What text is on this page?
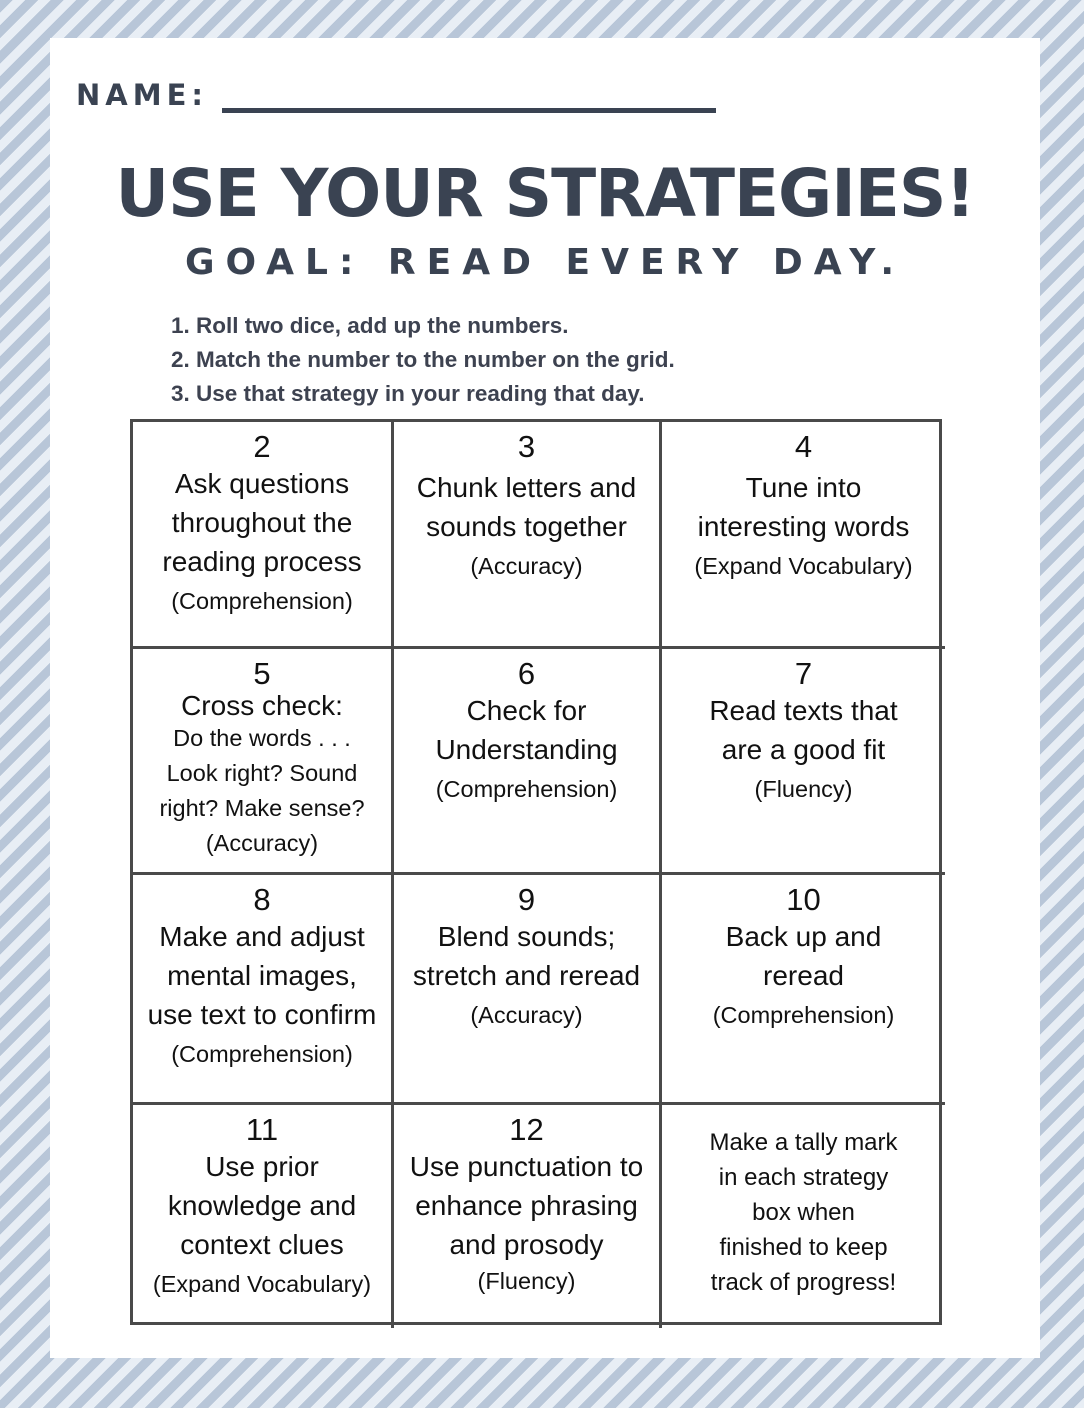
NAME:
USE YOUR STRATEGIES!
GOAL: READ EVERY DAY.
1. Roll two dice, add up the numbers.
2. Match the number to the number on the grid.
3. Use that strategy in your reading that day.
2
Ask questions
throughout the
reading process
(Comprehension)
3
Chunk letters and
sounds together
(Accuracy)
4
Tune into
interesting words
(Expand Vocabulary)
5
Cross check:
Do the words . . .
Look right? Sound
right? Make sense?
(Accuracy)
6
Check for
Understanding
(Comprehension)
7
Read texts that
are a good fit
(Fluency)
8
Make and adjust
mental images,
use text to confirm
(Comprehension)
9
Blend sounds;
stretch and reread
(Accuracy)
10
Back up and
reread
(Comprehension)
11
Use prior
knowledge and
context clues
(Expand Vocabulary)
12
Use punctuation to
enhance phrasing
and prosody
(Fluency)
Make a tally mark
in each strategy
box when
finished to keep
track of progress!
